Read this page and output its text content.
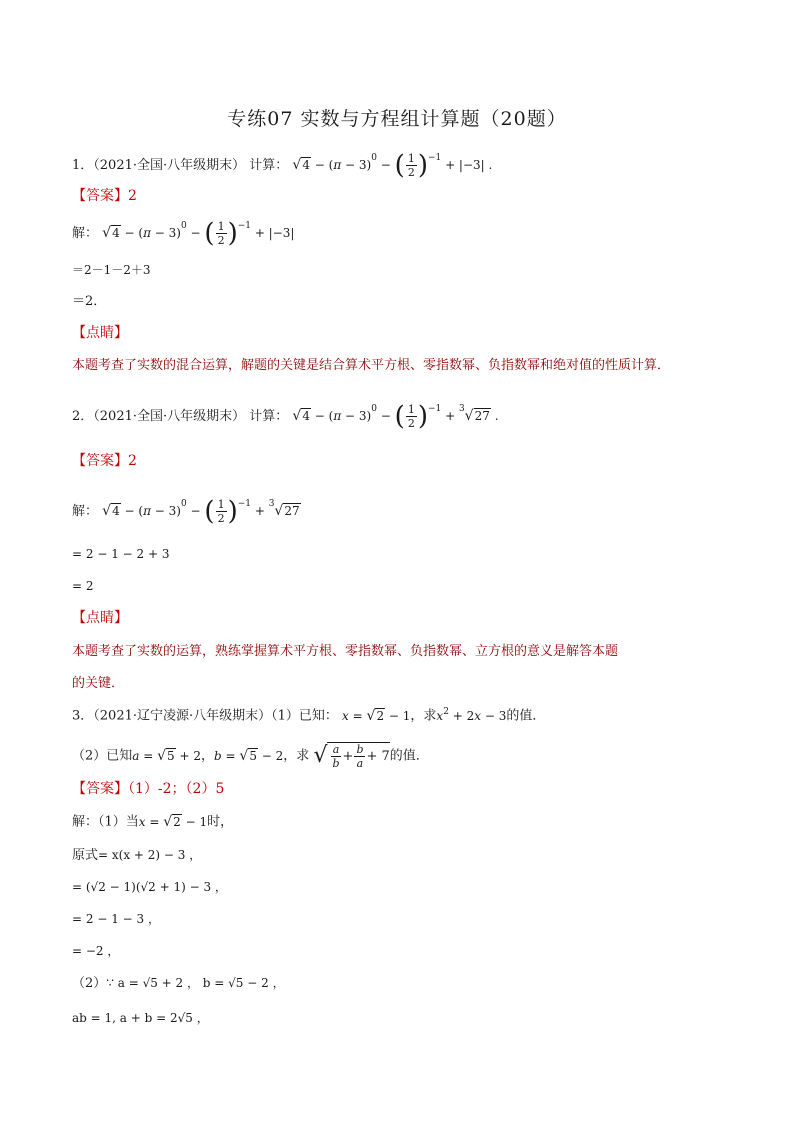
专练07 实数与方程组计算题（20题）
1．（2021·全国·八年级期末） 计算： $√4 - (\pi - 3)^0$ − ( $\frac{1}{2} )^{-1} + |-3|$ .
【答案】2
解： $√4 - (\pi - 3)^0$ − ( $\frac{1}{2} )^{-1} + |-3|$
＝2－1－2＋3
＝2．
【点睛】
本题考查了实数的混合运算，解题的关键是结合算术平方根、零指数幂、负指数幂和绝对值的性质计算．
2．（2021·全国·八年级期末） 计算： $√4 - (\pi - 3)^0$ − ( $\frac{1}{2} )^{-1} + ^3√27$ .
【答案】2
解： $√4 - (\pi - 3)^0$ − ( $\frac{1}{2} )^{-1} + ^3√27$
= 2 − 1 − 2 + 3
= 2
【点睛】
本题考查了实数的运算，熟练掌握算术平方根、零指数幂、负指数幂、立方根的意义是解答本题
的关键．
3．（2021·辽宁凌源·八年级期末）（1）已知： x = √2 − 1，求$x^2 + 2x - 3$的值．
（2）已知a = √5 + 2，b = √5 − 2，求 √ $\frac{a}{b} + \frac{b}{a} + 7$ 的值．
【答案】（1）-2；（2）5
解：（1）当x = √2 − 1时，
原式= x(x + 2) − 3 ，
= (√2 − 1)(√2 + 1) − 3 ，
= 2 − 1 − 3 ，
= −2 ，
（2）∵ a = √5 + 2 ， b = √5 − 2 ，
ab = 1, a + b = 2√5 ，
